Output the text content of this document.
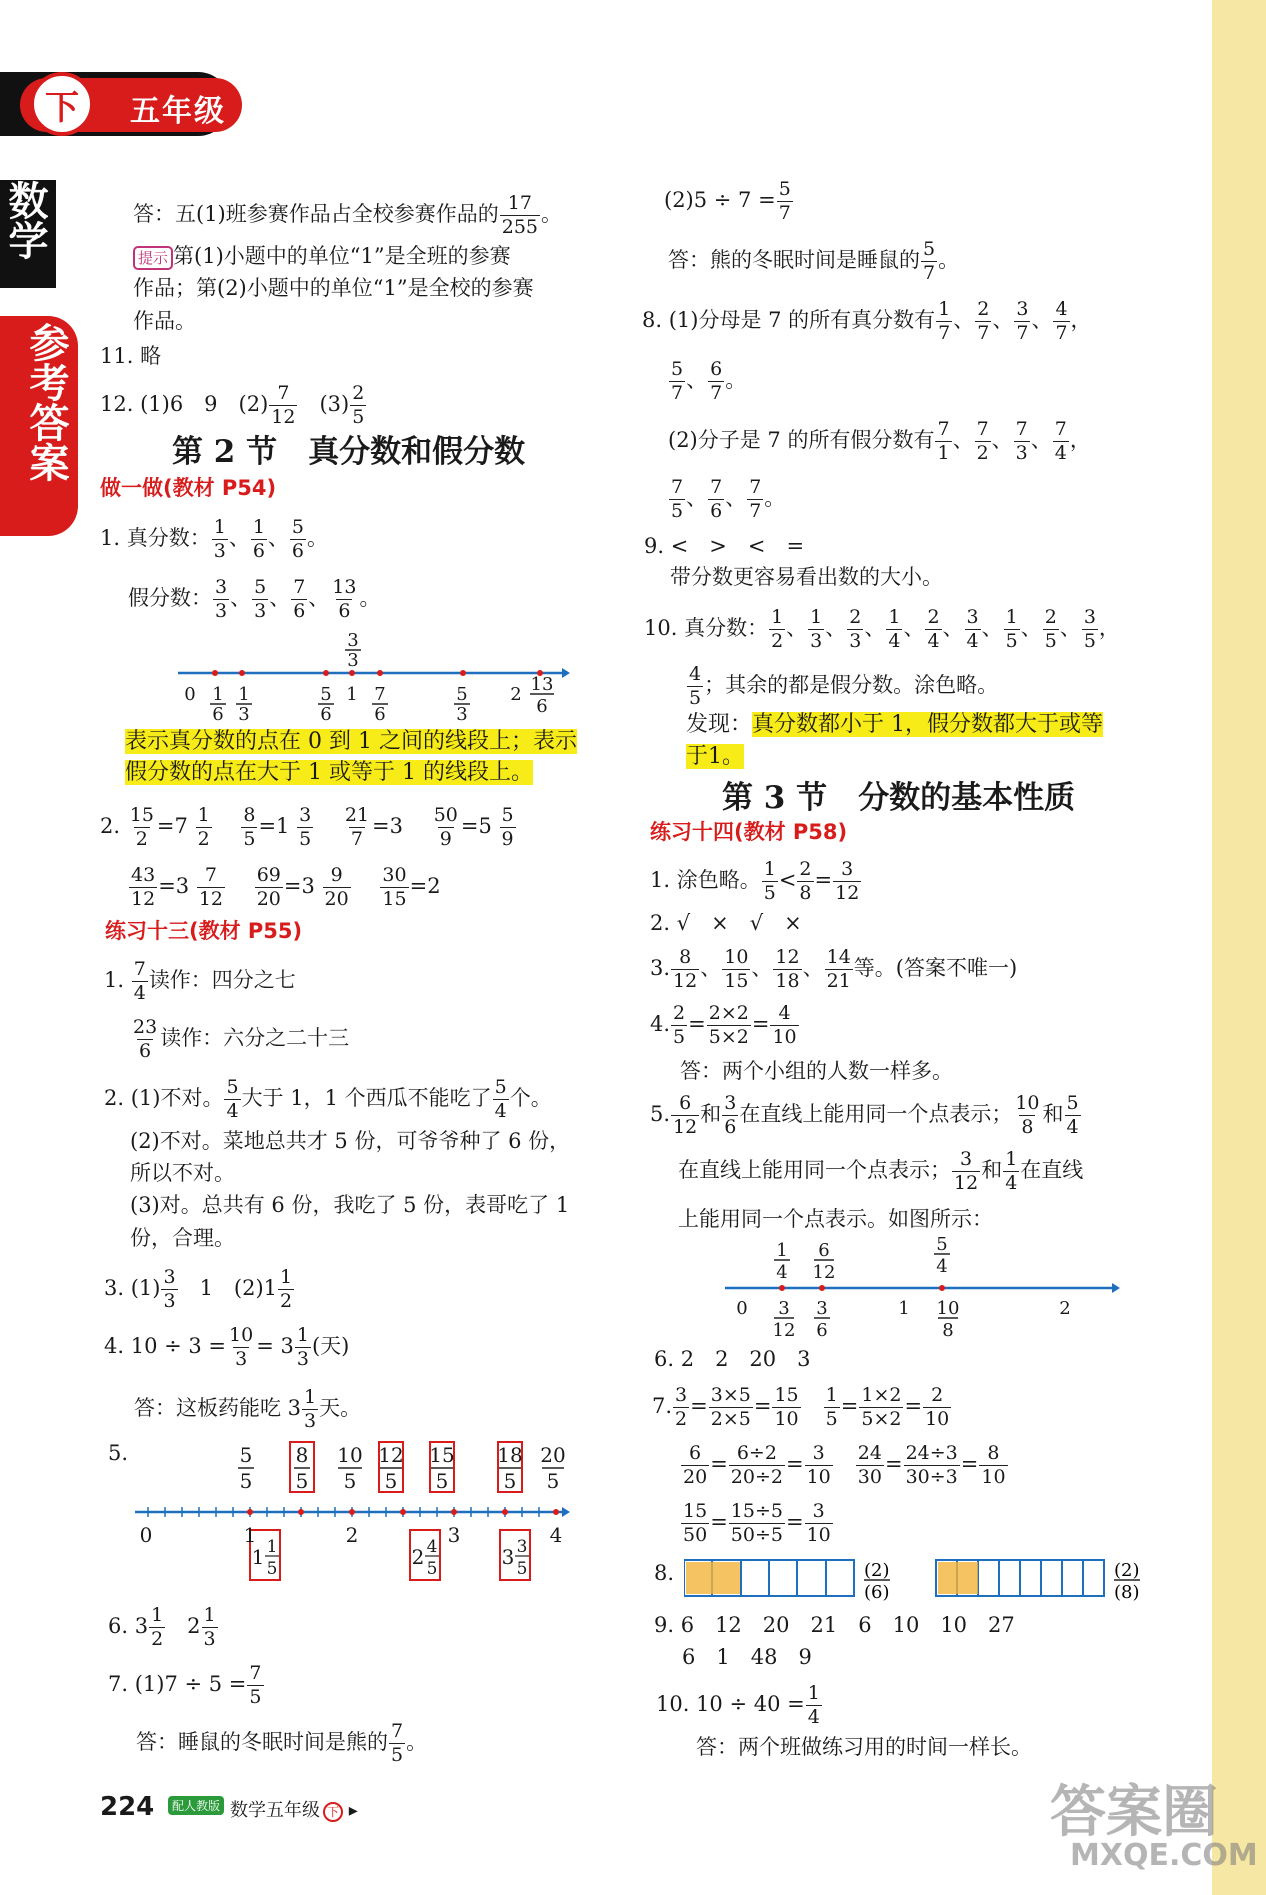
下	五年级
数学
参考答案
答：五(1)班参赛作品占全校参赛作品的 $\frac{17}{255}$ 。
提示 第(1)小题中的单位“1”是全班的参赛
作品；第(2)小题中的单位“1”是全校的参赛
作品。
11. 略
12. (1)6　9　$(2) \frac{7}{12}$
　 $(3) \frac{2}{5}$
第 2 节　真分数和假分数
做一做(教材 P54)
1. 真分数： $\frac{1}{3}$ 、 $\frac{1}{6}$ 、 $\frac{5}{6}$ 。
假分数： $\frac{3}{3}$ 、 $\frac{5}{3}$ 、 $\frac{7}{6}$ 、 $\frac{13}{6}$ 。
3
3
0 1
6
1
3
5
6
1 7
6
5
3
2 13
6
表示真分数的点在 0 到 1 之间的线段上；表示
假分数的点在大于 1 或等于 1 的线段上。
2. $\frac{15}{2} =7 \frac{1}{2}$
　 $\frac{8}{5} =1 \frac{3}{5}$
　 $\frac{21}{7} =3$　 $\frac{50}{9} =5 \frac{5}{9}$
$\frac{43}{12} =3 \frac{7}{12}$
　 $\frac{69}{20} =3 \frac{9}{20}$
　 $\frac{30}{15} =2$
练习十三(教材 P55)
1. $\frac{7}{4}$ 读作：四分之七
$\frac{23}{6}$ 读作：六分之二十三
2. (1)不对。 $\frac{5}{4}$ 大于 1，1 个西瓜不能吃了 $\frac{5}{4}$ 个。
(2)不对。菜地总共才 5 份，可爷爷种了 6 份，
所以不对。
(3)对。总共有 6 份，我吃了 5 份，表哥吃了 1
份，合理。
3. $(1) \frac{3}{3}$
　 1　$(2)1 \frac{1}{2}$
4. $10 \div 3 = \frac{10}{3} = 3 \frac{1}{3}$ (天)
答：这板药能吃 $3 \frac{1}{3}$ 天。
5.	5
5
8
5
10
5
12
5
15
5
18
5
20
5
0	1	2	3	4
1 1
5	2 4
5	3 3
5
6. $3 \frac{1}{2}$
　 $2 \frac{1}{3}$
7. $(1)7 \div 5 = \frac{7}{5}$
答：睡鼠的冬眠时间是熊的 $\frac{7}{5}$ 。
$(2)5 \div 7 = \frac{5}{7}$
答：熊的冬眠时间是睡鼠的 $\frac{5}{7}$ 。
8. (1)分母是 7 的所有真分数有 $\frac{1}{7}$ 、 $\frac{2}{7}$ 、 $\frac{3}{7}$ 、 $\frac{4}{7}$ ，
$\frac{5}{7}$ 、 $\frac{6}{7}$ 。
(2)分子是 7 的所有假分数有 $\frac{7}{1}$ 、 $\frac{7}{2}$ 、 $\frac{7}{3}$ 、 $\frac{7}{4}$ ，
$\frac{7}{5}$ 、 $\frac{7}{6}$ 、 $\frac{7}{7}$ 。
9. <　>　<　=
带分数更容易看出数的大小。
10. 真分数： $\frac{1}{2}$ 、 $\frac{1}{3}$ 、 $\frac{2}{3}$ 、 $\frac{1}{4}$ 、 $\frac{2}{4}$ 、 $\frac{3}{4}$ 、 $\frac{1}{5}$ 、 $\frac{2}{5}$ 、 $\frac{3}{5}$ ，
$\frac{4}{5}$ ；其余的都是假分数。涂色略。
发现：真分数都小于 1，假分数都大于或等
于1。
第 3 节　分数的基本性质
练习十四(教材 P58)
1. 涂色略。 $\frac{1}{5} < \frac{2}{8} = \frac{3}{12}$
2. √　×　√　×
3. $\frac{8}{12}$ 、 $\frac{10}{15}$ 、 $\frac{12}{18}$ 、 $\frac{14}{21}$ 等。(答案不唯一)
4. $\frac{2}{5} = \frac{2\times 2}{5\times 2} = \frac{4}{10}$
答：两个小组的人数一样多。
5. $\frac{6}{12}$ 和 $\frac{3}{6}$ 在直线上能用同一个点表示； $\frac{10}{8}$ 和 $\frac{5}{4}$
在直线上能用同一个点表示； $\frac{3}{12}$ 和 $\frac{1}{4}$ 在直线
上能用同一个点表示。如图所示：
1
4
6
12
5
4
0 3
12
3
6
1 10
8
2
6. 2　2　20　3
7. $\frac{3}{2} = \frac{3\times 5}{2\times 5} = \frac{15}{10}$
　 $\frac{1}{5} = \frac{1\times 2}{5\times 2} = \frac{2}{10}$
$\frac{6}{20} = \frac{6\div 2}{20\div 2} = \frac{3}{10}$
　 $\frac{24}{30} = \frac{24\div 3}{30\div 3} = \frac{8}{10}$
$\frac{15}{50} = \frac{15\div 5}{50\div 5} = \frac{3}{10}$
8.	(2)
(6)
(2)
(8)
9. 6　12　20　21　6　10　10　27
6　1　48　9
10. $10 \div 40 = \frac{1}{4}$
答：两个班做练习用的时间一样长。
224	配人教版 数学五年级 下 ▸	答案圈
MXQE.COM
